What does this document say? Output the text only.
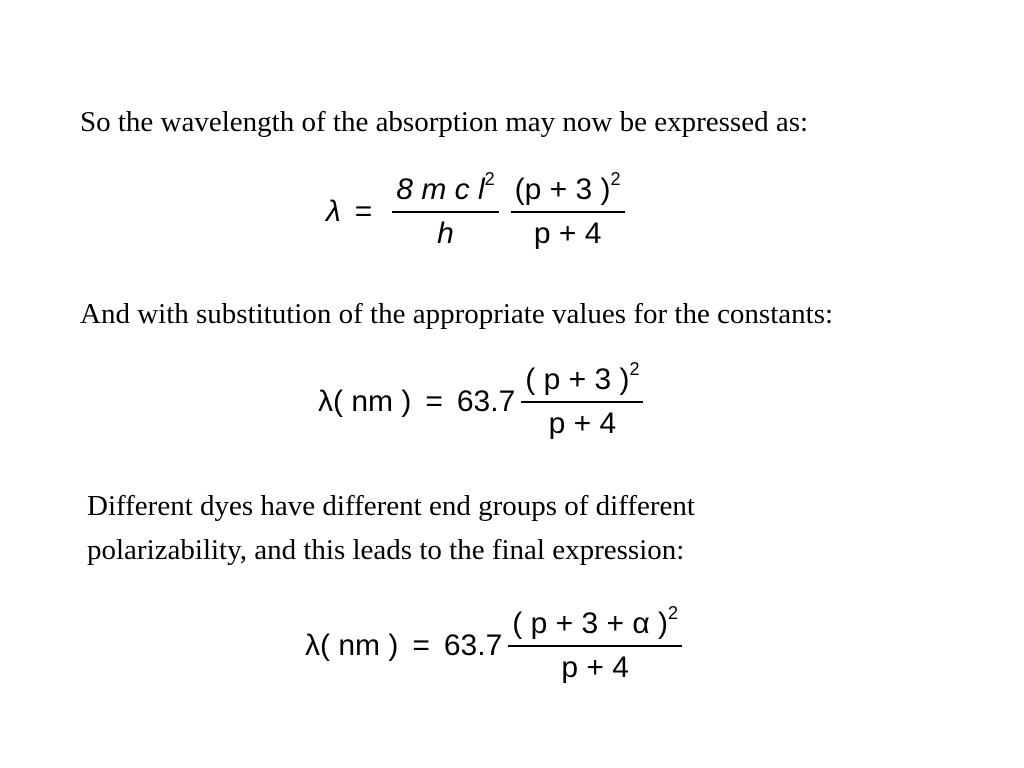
So the wavelength of the absorption may now be expressed as:
$\lambda = \frac{8 m c l^2}{h} \frac{(p + 3 )^2}{p + 4}$
And with substitution of the appropriate values for the constants:
λ( nm ) = $63.7 \frac{( p + 3 )^2}{p + 4}$
Different dyes have different end groups of different
polarizability, and this leads to the final expression:
λ( nm ) = $63.7 \frac{( p + 3 + \alpha )^2}{p + 4}$
